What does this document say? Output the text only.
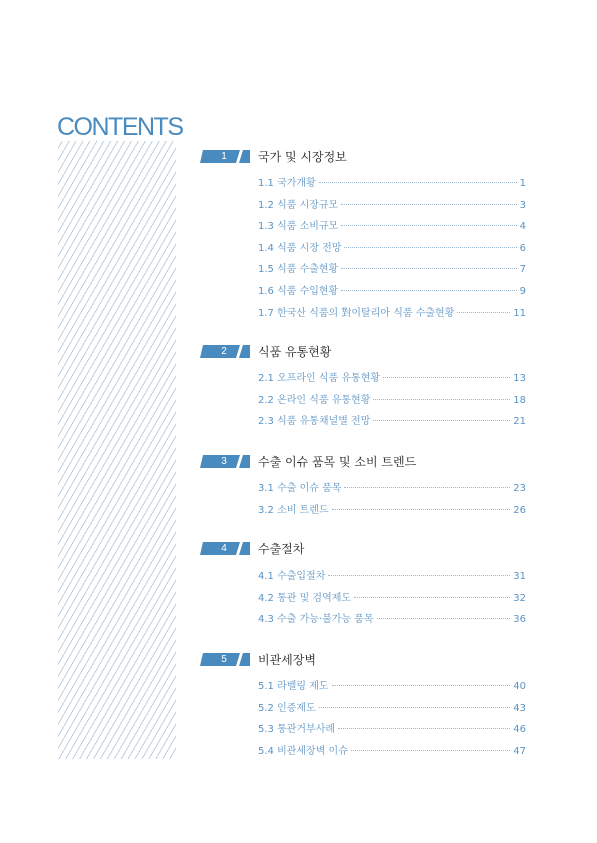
CONTENTS
1	국가 및 시장정보
1.1 국가개황	1
1.2 식품 시장규모	3
1.3 식품 소비규모	4
1.4 식품 시장 전망	6
1.5 식품 수출현황	7
1.6 식품 수입현황	9
1.7 한국산 식품의 對이탈리아 식품 수출현황	11
2	식품 유통현황
2.1 오프라인 식품 유통현황	13
2.2 온라인 식품 유통현황	18
2.3 식품 유통채널별 전망	21
3	수출 이슈 품목 및 소비 트렌드
3.1 수출 이슈 품목	23
3.2 소비 트렌드	26
4	수출절차
4.1 수출입절차	31
4.2 통관 및 검역제도	32
4.3 수출 가능·불가능 품목	36
5	비관세장벽
5.1 라벨링 제도	40
5.2 인증제도	43
5.3 통관거부사례	46
5.4 비관세장벽 이슈	47
